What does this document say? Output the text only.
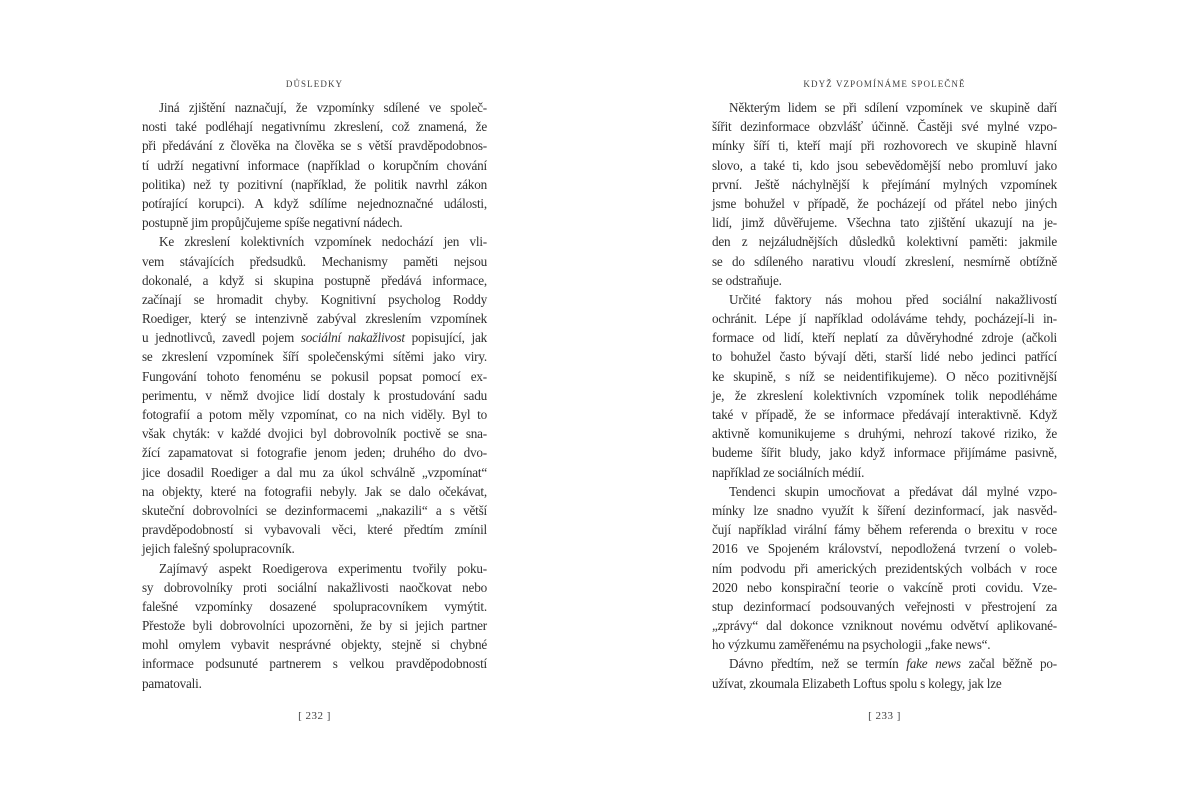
DŮSLEDKY
Jiná zjištění naznačují, že vzpomínky sdílené ve společ-
nosti také podléhají negativnímu zkreslení, což znamená, že
při předávání z člověka na člověka se s větší pravděpodobnos-
tí udrží negativní informace (například o korupčním chování
politika) než ty pozitivní (například, že politik navrhl zákon
potírající korupci). A když sdílíme nejednoznačné události,
postupně jim propůjčujeme spíše negativní nádech.
Ke zkreslení kolektivních vzpomínek nedochází jen vli-
vem stávajících předsudků. Mechanismy paměti nejsou
dokonalé, a když si skupina postupně předává informace,
začínají se hromadit chyby. Kognitivní psycholog Roddy
Roediger, který se intenzivně zabýval zkreslením vzpomínek
u jednotlivců, zavedl pojem sociální nakažlivost popisující, jak
se zkreslení vzpomínek šíří společenskými sítěmi jako viry.
Fungování tohoto fenoménu se pokusil popsat pomocí ex-
perimentu, v němž dvojice lidí dostaly k prostudování sadu
fotografií a potom měly vzpomínat, co na nich viděly. Byl to
však chyták: v každé dvojici byl dobrovolník poctivě se sna-
žící zapamatovat si fotografie jenom jeden; druhého do dvo-
jice dosadil Roediger a dal mu za úkol schválně „vzpomínat“
na objekty, které na fotografii nebyly. Jak se dalo očekávat,
skuteční dobrovolníci se dezinformacemi „nakazili“ a s větší
pravděpodobností si vybavovali věci, které předtím zmínil
jejich falešný spolupracovník.
Zajímavý aspekt Roedigerova experimentu tvořily poku-
sy dobrovolníky proti sociální nakažlivosti naočkovat nebo
falešné vzpomínky dosazené spolupracovníkem vymýtit.
Přestože byli dobrovolníci upozorněni, že by si jejich partner
mohl omylem vybavit nesprávné objekty, stejně si chybné
informace podsunuté partnerem s velkou pravděpodobností
pamatovali.
[ 232 ]
KDYŽ VZPOMÍNÁME SPOLEČNĚ
Některým lidem se při sdílení vzpomínek ve skupině daří
šířit dezinformace obzvlášť účinně. Častěji své mylné vzpo-
mínky šíří ti, kteří mají při rozhovorech ve skupině hlavní
slovo, a také ti, kdo jsou sebevědomější nebo promluví jako
první. Ještě náchylnější k přejímání mylných vzpomínek
jsme bohužel v případě, že pocházejí od přátel nebo jiných
lidí, jimž důvěřujeme. Všechna tato zjištění ukazují na je-
den z nejzáludnějších důsledků kolektivní paměti: jakmile
se do sdíleného narativu vloudí zkreslení, nesmírně obtížně
se odstraňuje.
Určité faktory nás mohou před sociální nakažlivostí
ochránit. Lépe jí například odoláváme tehdy, pocházejí-li in-
formace od lidí, kteří neplatí za důvěryhodné zdroje (ačkoli
to bohužel často bývají děti, starší lidé nebo jedinci patřící
ke skupině, s níž se neidentifikujeme). O něco pozitivnější
je, že zkreslení kolektivních vzpomínek tolik nepodléháme
také v případě, že se informace předávají interaktivně. Když
aktivně komunikujeme s druhými, nehrozí takové riziko, že
budeme šířit bludy, jako když informace přijímáme pasivně,
například ze sociálních médií.
Tendenci skupin umocňovat a předávat dál mylné vzpo-
mínky lze snadno využít k šíření dezinformací, jak nasvěd-
čují například virální fámy během referenda o brexitu v roce
2016 ve Spojeném království, nepodložená tvrzení o voleb-
ním podvodu při amerických prezidentských volbách v roce
2020 nebo konspirační teorie o vakcíně proti covidu. Vze-
stup dezinformací podsouvaných veřejnosti v přestrojení za
„zprávy“ dal dokonce vzniknout novému odvětví aplikované-
ho výzkumu zaměřenému na psychologii „fake news“.
Dávno předtím, než se termín fake news začal běžně po-
užívat, zkoumala Elizabeth Loftus spolu s kolegy, jak lze
[ 233 ]
